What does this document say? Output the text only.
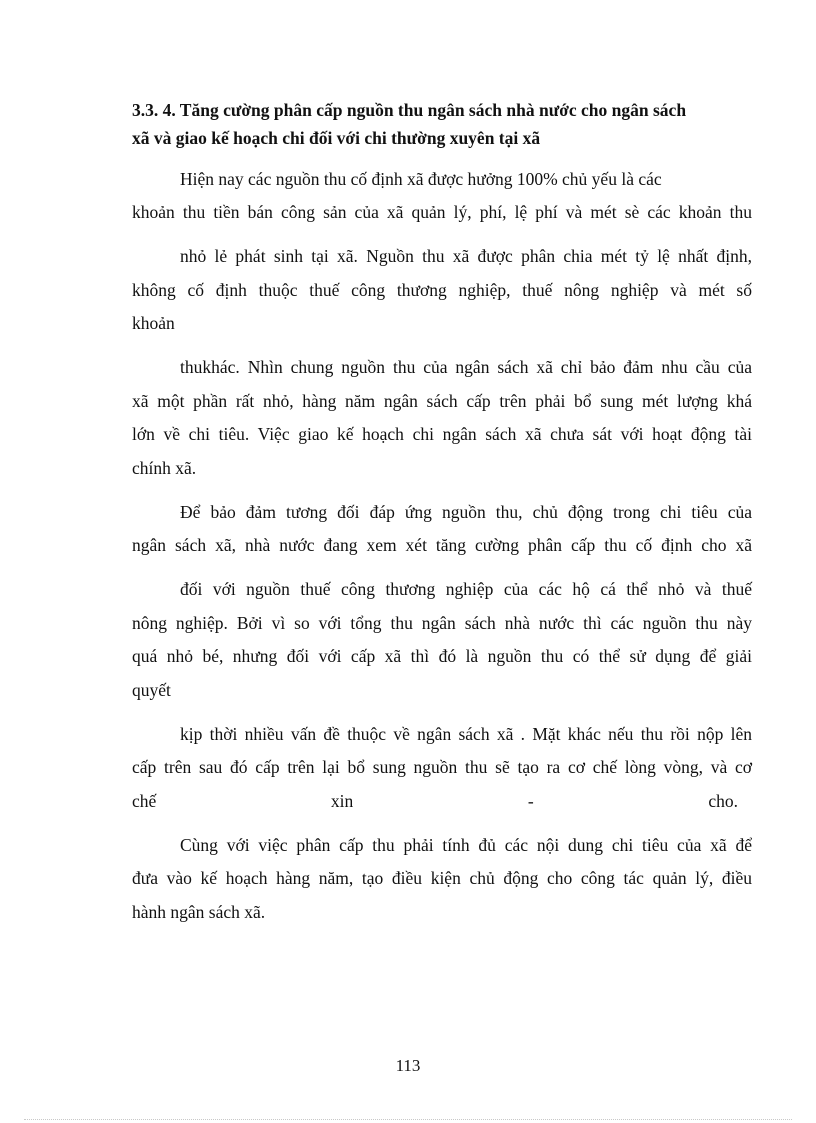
3.3. 4. Tăng cường phân cấp nguồn thu ngân sách nhà nước cho ngân sách
xã và giao kế hoạch chi đối với chi thường xuyên tại xã

Hiện nay các nguồn thu cố định xã được hưởng 100% chủ yếu là các

khoản thu tiền bán công sản của xã quản lý, phí, lệ phí và mét sè các khoản thu

nhỏ lẻ phát sinh tại xã. Nguồn thu xã được phân chia mét tỷ lệ nhất định,

không cố định thuộc thuế công thương nghiệp, thuế nông nghiệp và mét số

khoản

thukhác. Nhìn chung nguồn thu của ngân sách xã chỉ bảo đảm nhu cầu của

xã một phần rất nhỏ, hàng năm ngân sách cấp trên phải bổ sung mét lượng khá

lớn về chi tiêu. Việc giao kế hoạch chi ngân sách xã chưa sát với hoạt động tài

chính xã.

Để bảo đảm tương đối đáp ứng nguồn thu, chủ động trong chi tiêu của

ngân sách xã, nhà nước đang xem xét tăng cường phân cấp thu cố định cho xã

đối với nguồn thuế công thương nghiệp của các hộ cá thể nhỏ và thuế

nông nghiệp. Bởi vì so với tổng thu ngân sách nhà nước thì các nguồn thu này

quá nhỏ bé, nhưng đối với cấp xã thì đó là nguồn thu có thể sử dụng để giải

quyết

kịp thời nhiều vấn đề thuộc về ngân sách xã . Mặt khác nếu thu rồi nộp lên

cấp trên sau đó cấp trên lại bổ sung nguồn thu sẽ tạo ra cơ chế lòng vòng, và cơ

chế xin - cho.

Cùng với việc phân cấp thu phải tính đủ các nội dung chi tiêu của xã để

đưa vào kế hoạch hàng năm, tạo điều kiện chủ động cho công tác quản lý, điều

hành ngân sách xã.

113
